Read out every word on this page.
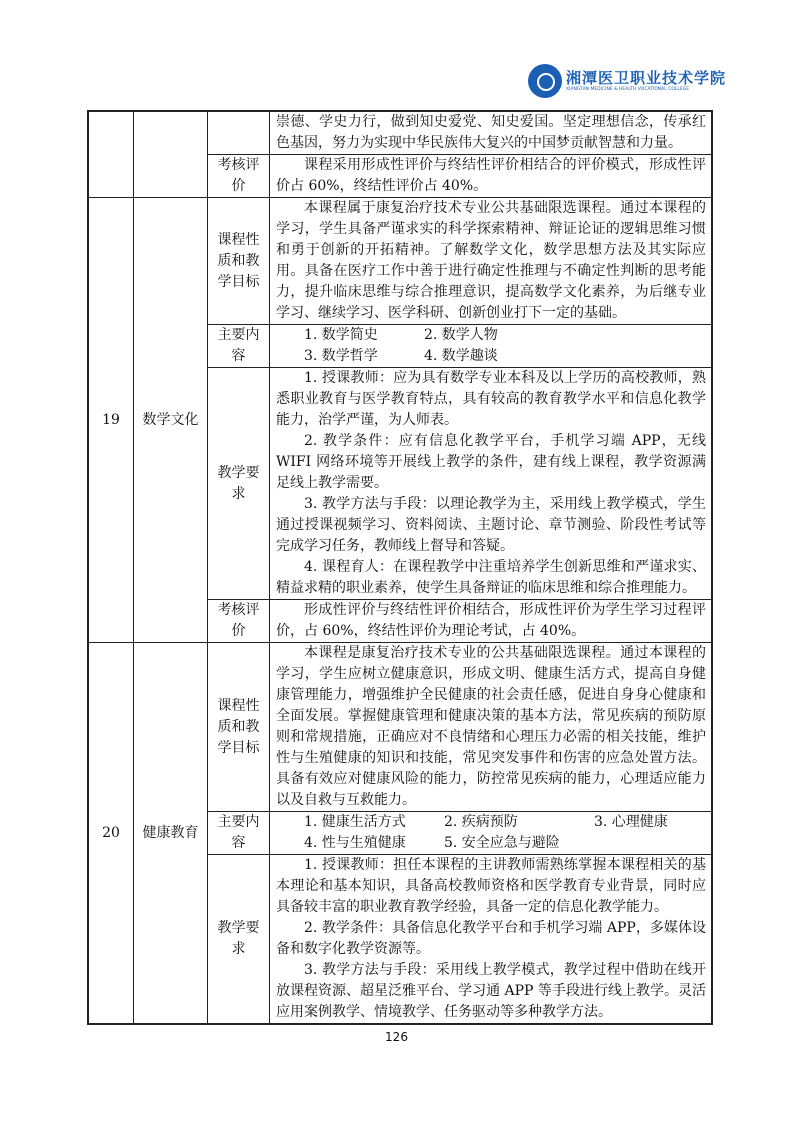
湘潭医卫职业技术学院
XIANGTAN MEDICINE & HEALTH VOCATIONAL COLLEGE

			崇德、学史力行，做到知史爱党、知史爱国。坚定理想信念，传承红色基因，努力为实现中华民族伟大复兴的中国梦贡献智慧和力量。

		考核评价	课程采用形成性评价与终结性评价相结合的评价模式，形成性评价占 60%，终结性评价占 40%。

19	数学文化	课程性质和教学目标	本课程属于康复治疗技术专业公共基础限选课程。通过本课程的学习，学生具备严谨求实的科学探索精神、辩证论证的逻辑思维习惯和勇于创新的开拓精神。了解数学文化，数学思想方法及其实际应用。具备在医疗工作中善于进行确定性推理与不确定性判断的思考能力，提升临床思维与综合推理意识，提高数学文化素养，为后继专业学习、继续学习、医学科研、创新创业打下一定的基础。

		主要内容	1. 数学简史 2. 数学人物
3. 数学哲学 4. 数学趣谈

		教学要求	1. 授课教师：应为具有数学专业本科及以上学历的高校教师，熟悉职业教育与医学教育特点，具有较高的教育教学水平和信息化教学能力，治学严谨，为人师表。

2. 教学条件：应有信息化教学平台，手机学习端 APP，无线 WIFI 网络环境等开展线上教学的条件，建有线上课程，教学资源满足线上教学需要。

3. 教学方法与手段：以理论教学为主，采用线上教学模式，学生通过授课视频学习、资料阅读、主题讨论、章节测验、阶段性考试等完成学习任务，教师线上督导和答疑。

4. 课程育人：在课程教学中注重培养学生创新思维和严谨求实、精益求精的职业素养，使学生具备辩证的临床思维和综合推理能力。

		考核评价	形成性评价与终结性评价相结合，形成性评价为学生学习过程评价，占 60%，终结性评价为理论考试，占 40%。

20	健康教育	课程性质和教学目标	本课程是康复治疗技术专业的公共基础限选课程。通过本课程的学习，学生应树立健康意识，形成文明、健康生活方式，提高自身健康管理能力，增强维护全民健康的社会责任感，促进自身身心健康和全面发展。掌握健康管理和健康决策的基本方法，常见疾病的预防原则和常规措施，正确应对不良情绪和心理压力必需的相关技能，维护性与生殖健康的知识和技能，常见突发事件和伤害的应急处置方法。具备有效应对健康风险的能力，防控常见疾病的能力，心理适应能力以及自救与互救能力。

		主要内容	1. 健康生活方式 2. 疾病预防 3. 心理健康
4. 性与生殖健康 5. 安全应急与避险

		教学要求	1. 授课教师：担任本课程的主讲教师需熟练掌握本课程相关的基本理论和基本知识，具备高校教师资格和医学教育专业背景，同时应具备较丰富的职业教育教学经验，具备一定的信息化教学能力。

2. 教学条件：具备信息化教学平台和手机学习端 APP，多媒体设备和数字化教学资源等。

3. 教学方法与手段：采用线上教学模式，教学过程中借助在线开放课程资源、超星泛雅平台、学习通 APP 等手段进行线上教学。灵活应用案例教学、情境教学、任务驱动等多种教学方法。

126
